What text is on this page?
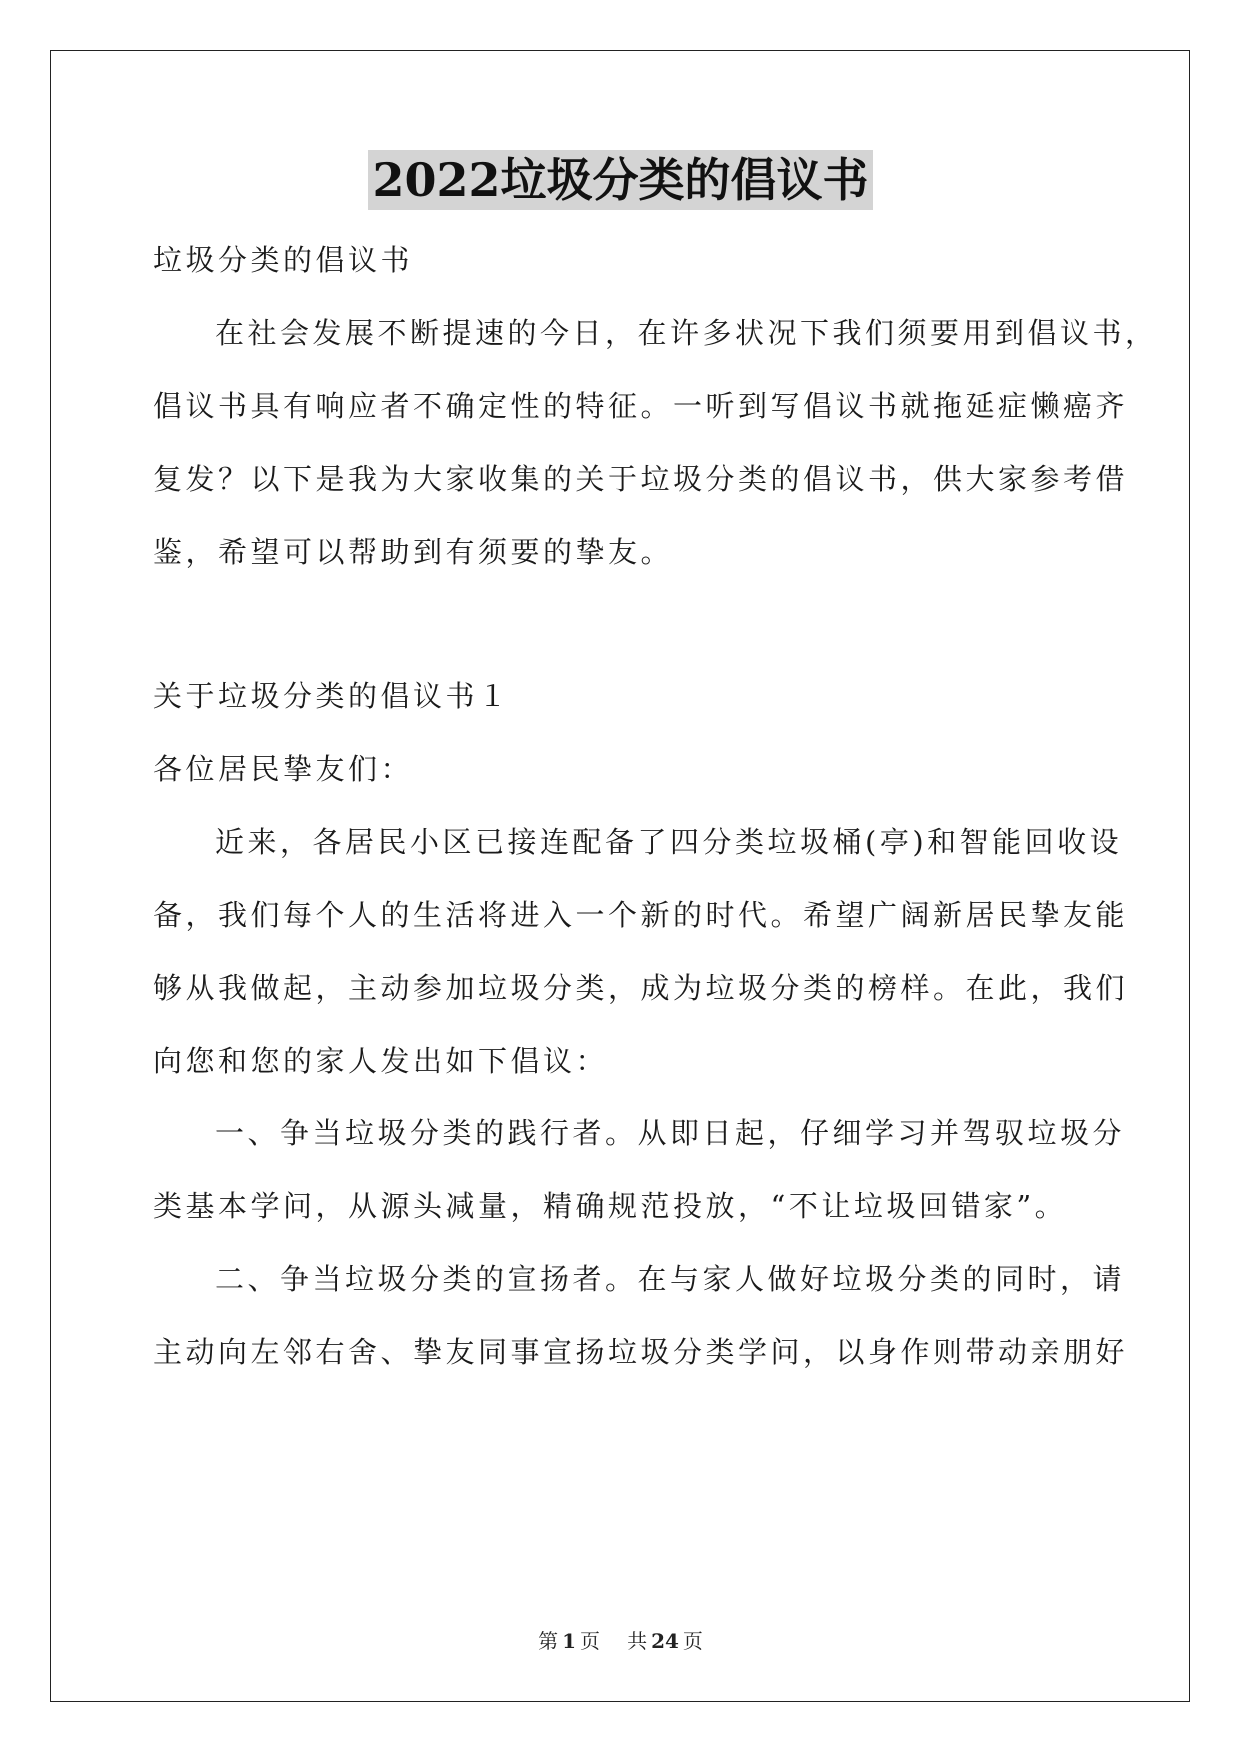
2022垃圾分类的倡议书
垃圾分类的倡议书
在社会发展不断提速的今日，在许多状况下我们须要用到倡议书，
倡议书具有响应者不确定性的特征。一听到写倡议书就拖延症懒癌齐
复发？以下是我为大家收集的关于垃圾分类的倡议书，供大家参考借
鉴，希望可以帮助到有须要的挚友。
关于垃圾分类的倡议书１
各位居民挚友们：
近来，各居民小区已接连配备了四分类垃圾桶(亭)和智能回收设
备，我们每个人的生活将进入一个新的时代。希望广阔新居民挚友能
够从我做起，主动参加垃圾分类，成为垃圾分类的榜样。在此，我们
向您和您的家人发出如下倡议：
一、争当垃圾分类的践行者。从即日起，仔细学习并驾驭垃圾分
类基本学问，从源头减量，精确规范投放，“不让垃圾回错家”。
二、争当垃圾分类的宣扬者。在与家人做好垃圾分类的同时，请
主动向左邻右舍、挚友同事宣扬垃圾分类学问，以身作则带动亲朋好
第 1 页 共 24 页
